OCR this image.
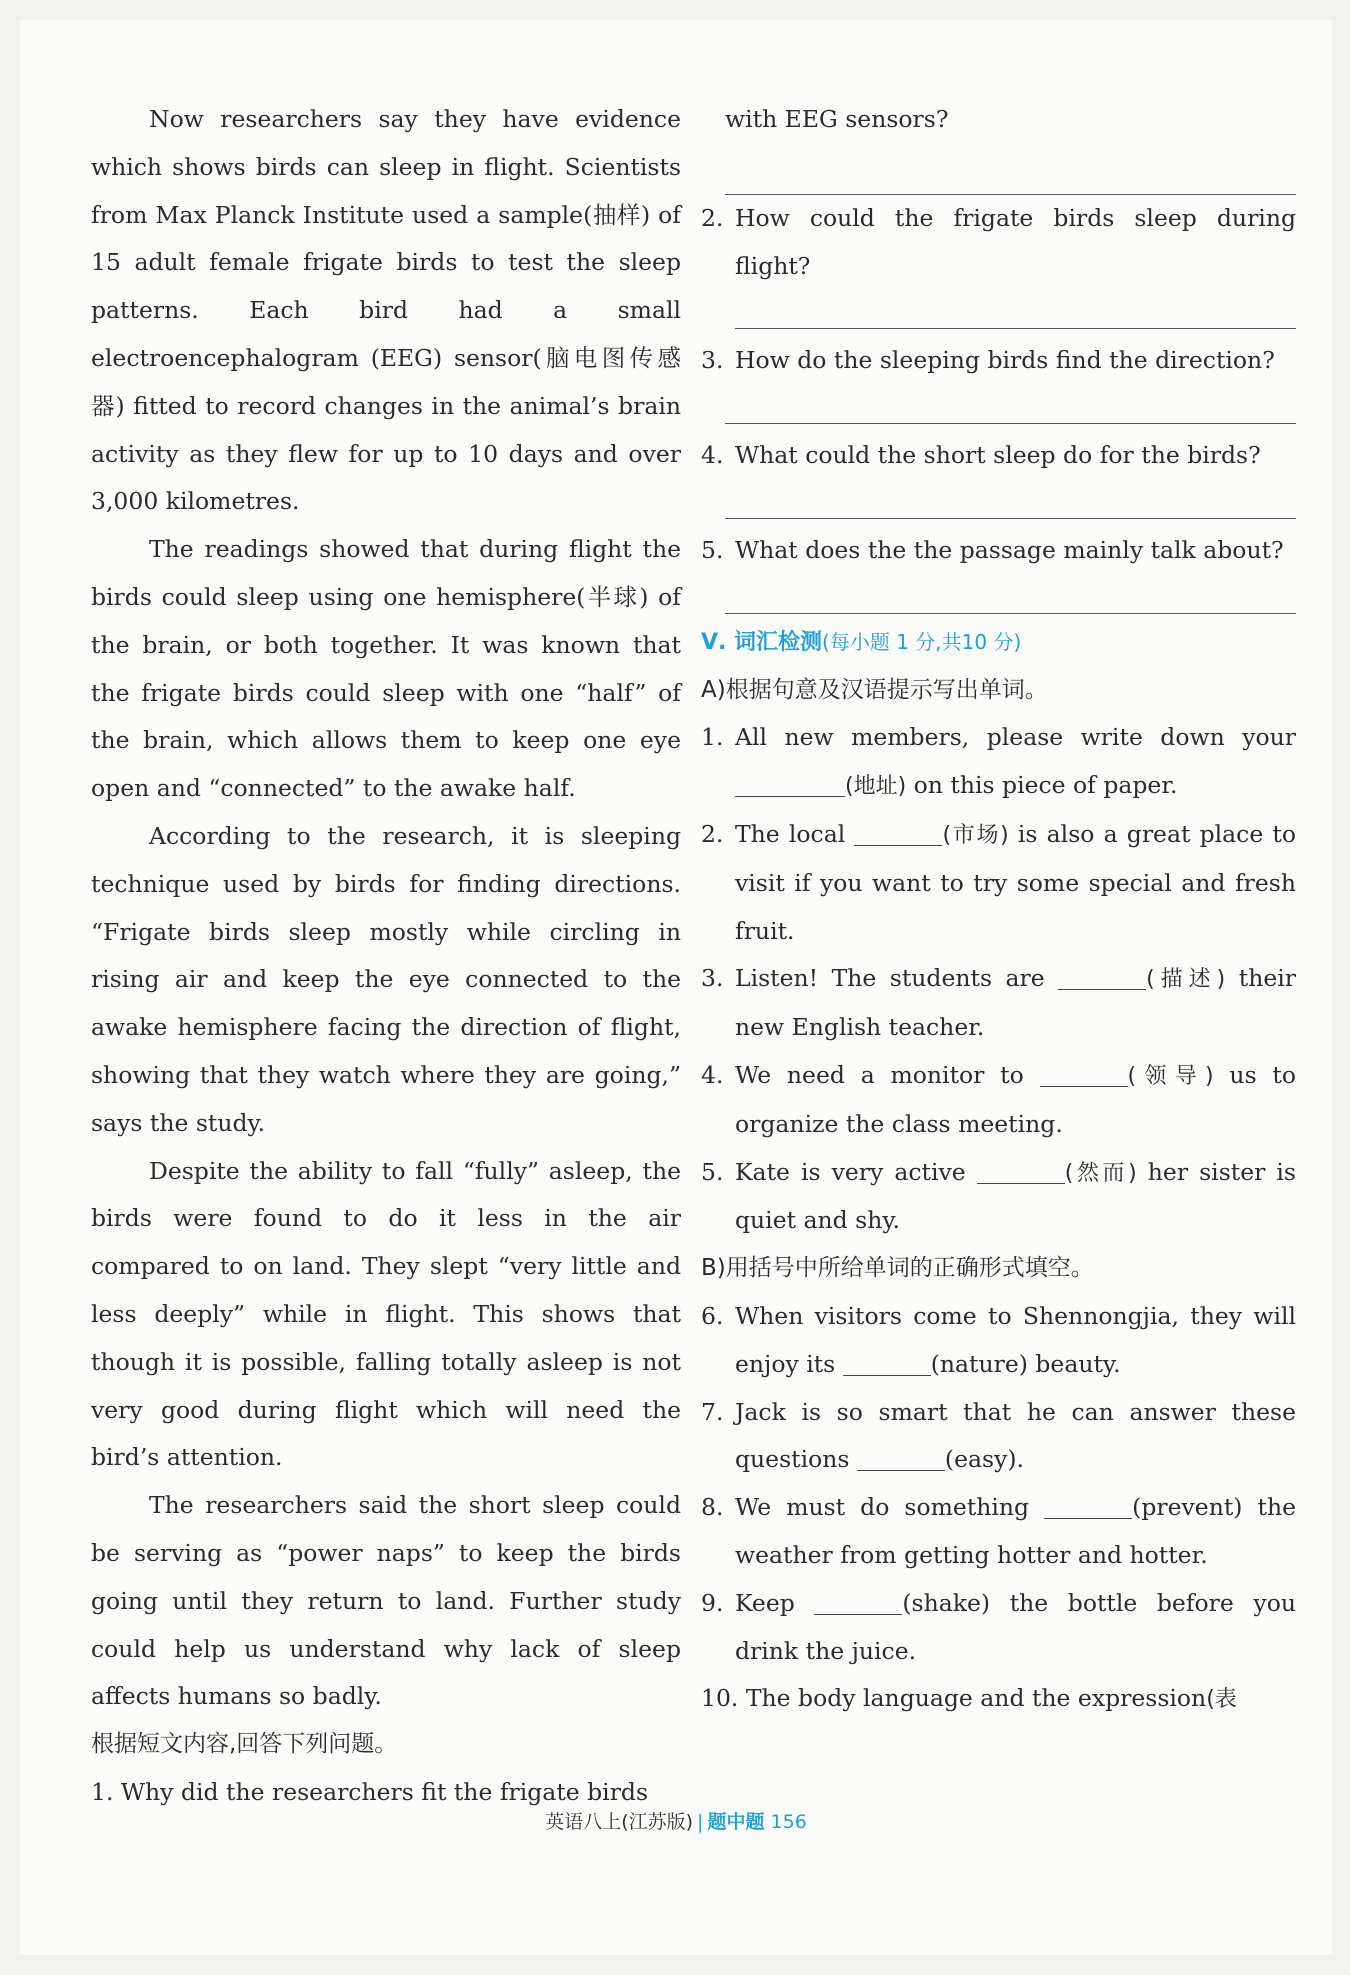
Now researchers say they have evidence which shows birds can sleep in flight. Scientists from Max Planck Institute used a sample(抽样) of 15 adult female frigate birds to test the sleep patterns. Each bird had a small electroencephalogram (EEG) sensor(脑电图传感器) fitted to record changes in the animal’s brain activity as they flew for up to 10 days and over 3,000 kilometres.

The readings showed that during flight the birds could sleep using one hemisphere(半球) of the brain, or both together. It was known that the frigate birds could sleep with one “half” of the brain, which allows them to keep one eye open and “connected” to the awake half.

According to the research, it is sleeping technique used by birds for finding directions. “Frigate birds sleep mostly while circling in rising air and keep the eye connected to the awake hemisphere facing the direction of flight, showing that they watch where they are going,” says the study.

Despite the ability to fall “fully” asleep, the birds were found to do it less in the air compared to on land. They slept “very little and less deeply” while in flight. This shows that though it is possible, falling totally asleep is not very good during flight which will need the bird’s attention.

The researchers said the short sleep could be serving as “power naps” to keep the birds going until they return to land. Further study could help us understand why lack of sleep affects humans so badly.

根据短文内容,回答下列问题。

1. Why did the researchers fit the frigate birds

with EEG sensors?

2. How could the frigate birds sleep during flight?

3. How do the sleeping birds find the direction?

4. What could the short sleep do for the birds?

5. What does the the passage mainly talk about?

Ⅴ. 词汇检测(每小题 1 分,共10 分)

A)根据句意及汉语提示写出单词。

1. All new members, please write down your (地址) on this piece of paper.

2. The local	(市场) is also a great place to visit if you want to try some special and fresh fruit.

3. Listen! The students are	(描述) their new English teacher.

4. We need a monitor to	(领导) us to organize the class meeting.

5. Kate is very active	(然而) her sister is quiet and shy.

B)用括号中所给单词的正确形式填空。

6. When visitors come to Shennongjia, they will enjoy its	(nature) beauty.

7. Jack is so smart that he can answer these questions	(easy).

8. We must do something	(prevent) the weather from getting hotter and hotter.

9. Keep	(shake) the bottle before you drink the juice.

10. The body language and the expression(表

英语八上(江苏版) | 题中题 156
